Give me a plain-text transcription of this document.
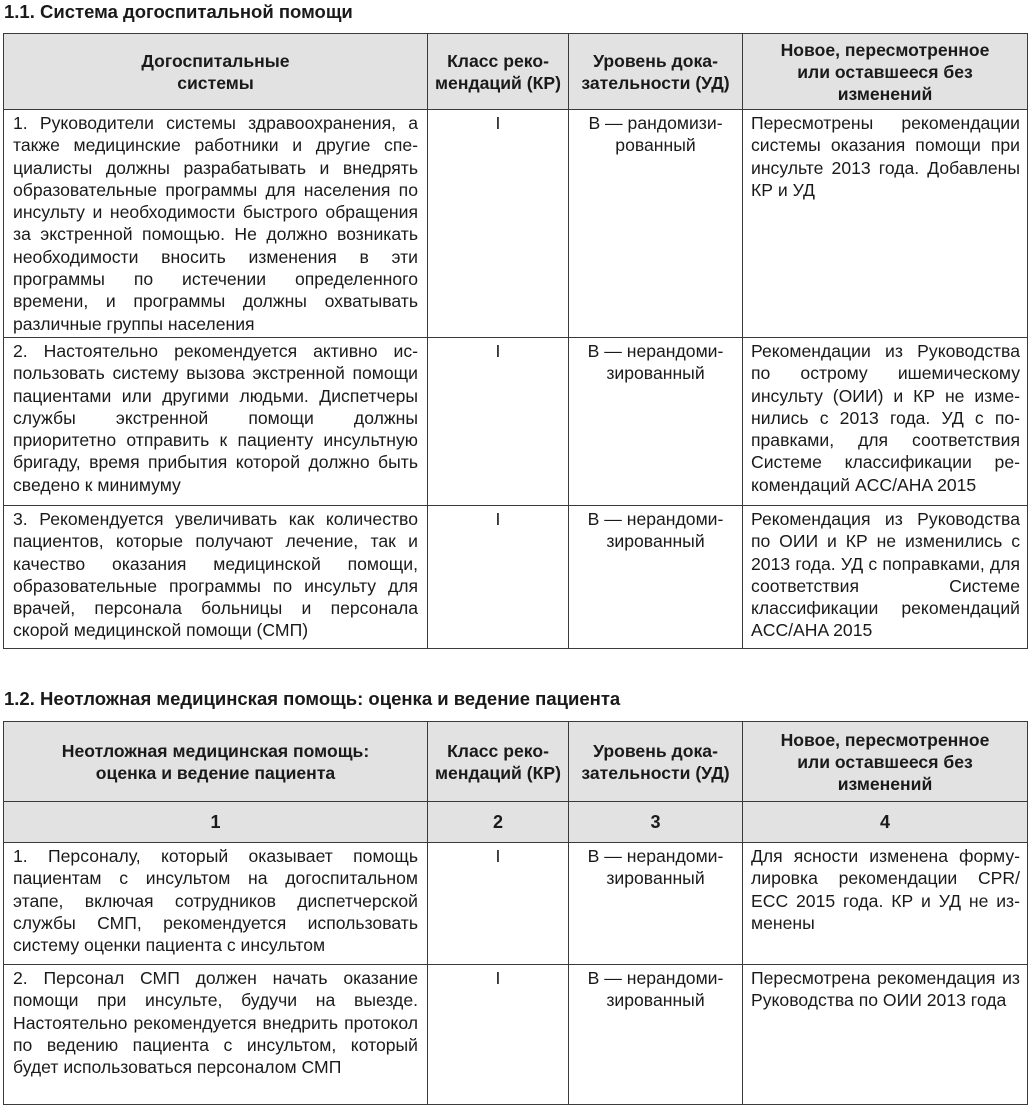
1.1. Система догоспитальной помощи
Догоспитальные системы	Класс рекомендаций (КР)	Уровень доказательности (УД)	Новое, пересмотренное или оставшееся без изменений
1. Руководители системы здравоохранения, а также медицинские работники и другие специалисты должны разрабатывать и внедрять образовательные программы для населения по инсульту и необходимости быстрого обращения за экстренной помощью. Не должно возникать необходимости вносить изменения в эти программы по истечении определенного времени, и программы должны охватывать различные группы населения	I	B — рандомизированный	Пересмотрены рекомендации системы оказания помощи при инсульте 2013 года. Добавлены КР и УД
2. Настоятельно рекомендуется активно использовать систему вызова экстренной помощи пациентами или другими людьми. Диспетчеры службы экстренной помощи должны приоритетно отправить к пациенту инсультную бригаду, время прибытия которой должно быть сведено к минимуму	I	B — нерандомизированный	Рекомендации из Руководства по острому ишемическому инсульту (ОИИ) и КР не изменились с 2013 года. УД с поправками, для соответствия Системе классификации рекомендаций ACC/AHA 2015
3. Рекомендуется увеличивать как количество пациентов, которые получают лечение, так и качество оказания медицинской помощи, образовательные программы по инсульту для врачей, персонала больницы и персонала скорой медицинской помощи (СМП)	I	B — нерандомизированный	Рекомендация из Руководства по ОИИ и КР не изменились с 2013 года. УД с поправками, для соответствия Системе классификации рекомендаций ACC/AHA 2015
1.2. Неотложная медицинская помощь: оценка и ведение пациента
Неотложная медицинская помощь: оценка и ведение пациента	Класс рекомендаций (КР)	Уровень доказательности (УД)	Новое, пересмотренное или оставшееся без изменений
1	2	3	4
1. Персоналу, который оказывает помощь пациентам с инсультом на догоспитальном этапе, включая сотрудников диспетчерской службы СМП, рекомендуется использовать систему оценки пациента с инсультом	I	B — нерандомизированный	Для ясности изменена формулировка рекомендации CPR/ ECC 2015 года. КР и УД не изменены
2. Персонал СМП должен начать оказание помощи при инсульте, будучи на выезде. Настоятельно рекомендуется внедрить протокол по ведению пациента с инсультом, который будет использоваться персоналом СМП	I	B — нерандомизированный	Пересмотрена рекомендация из Руководства по ОИИ 2013 года
